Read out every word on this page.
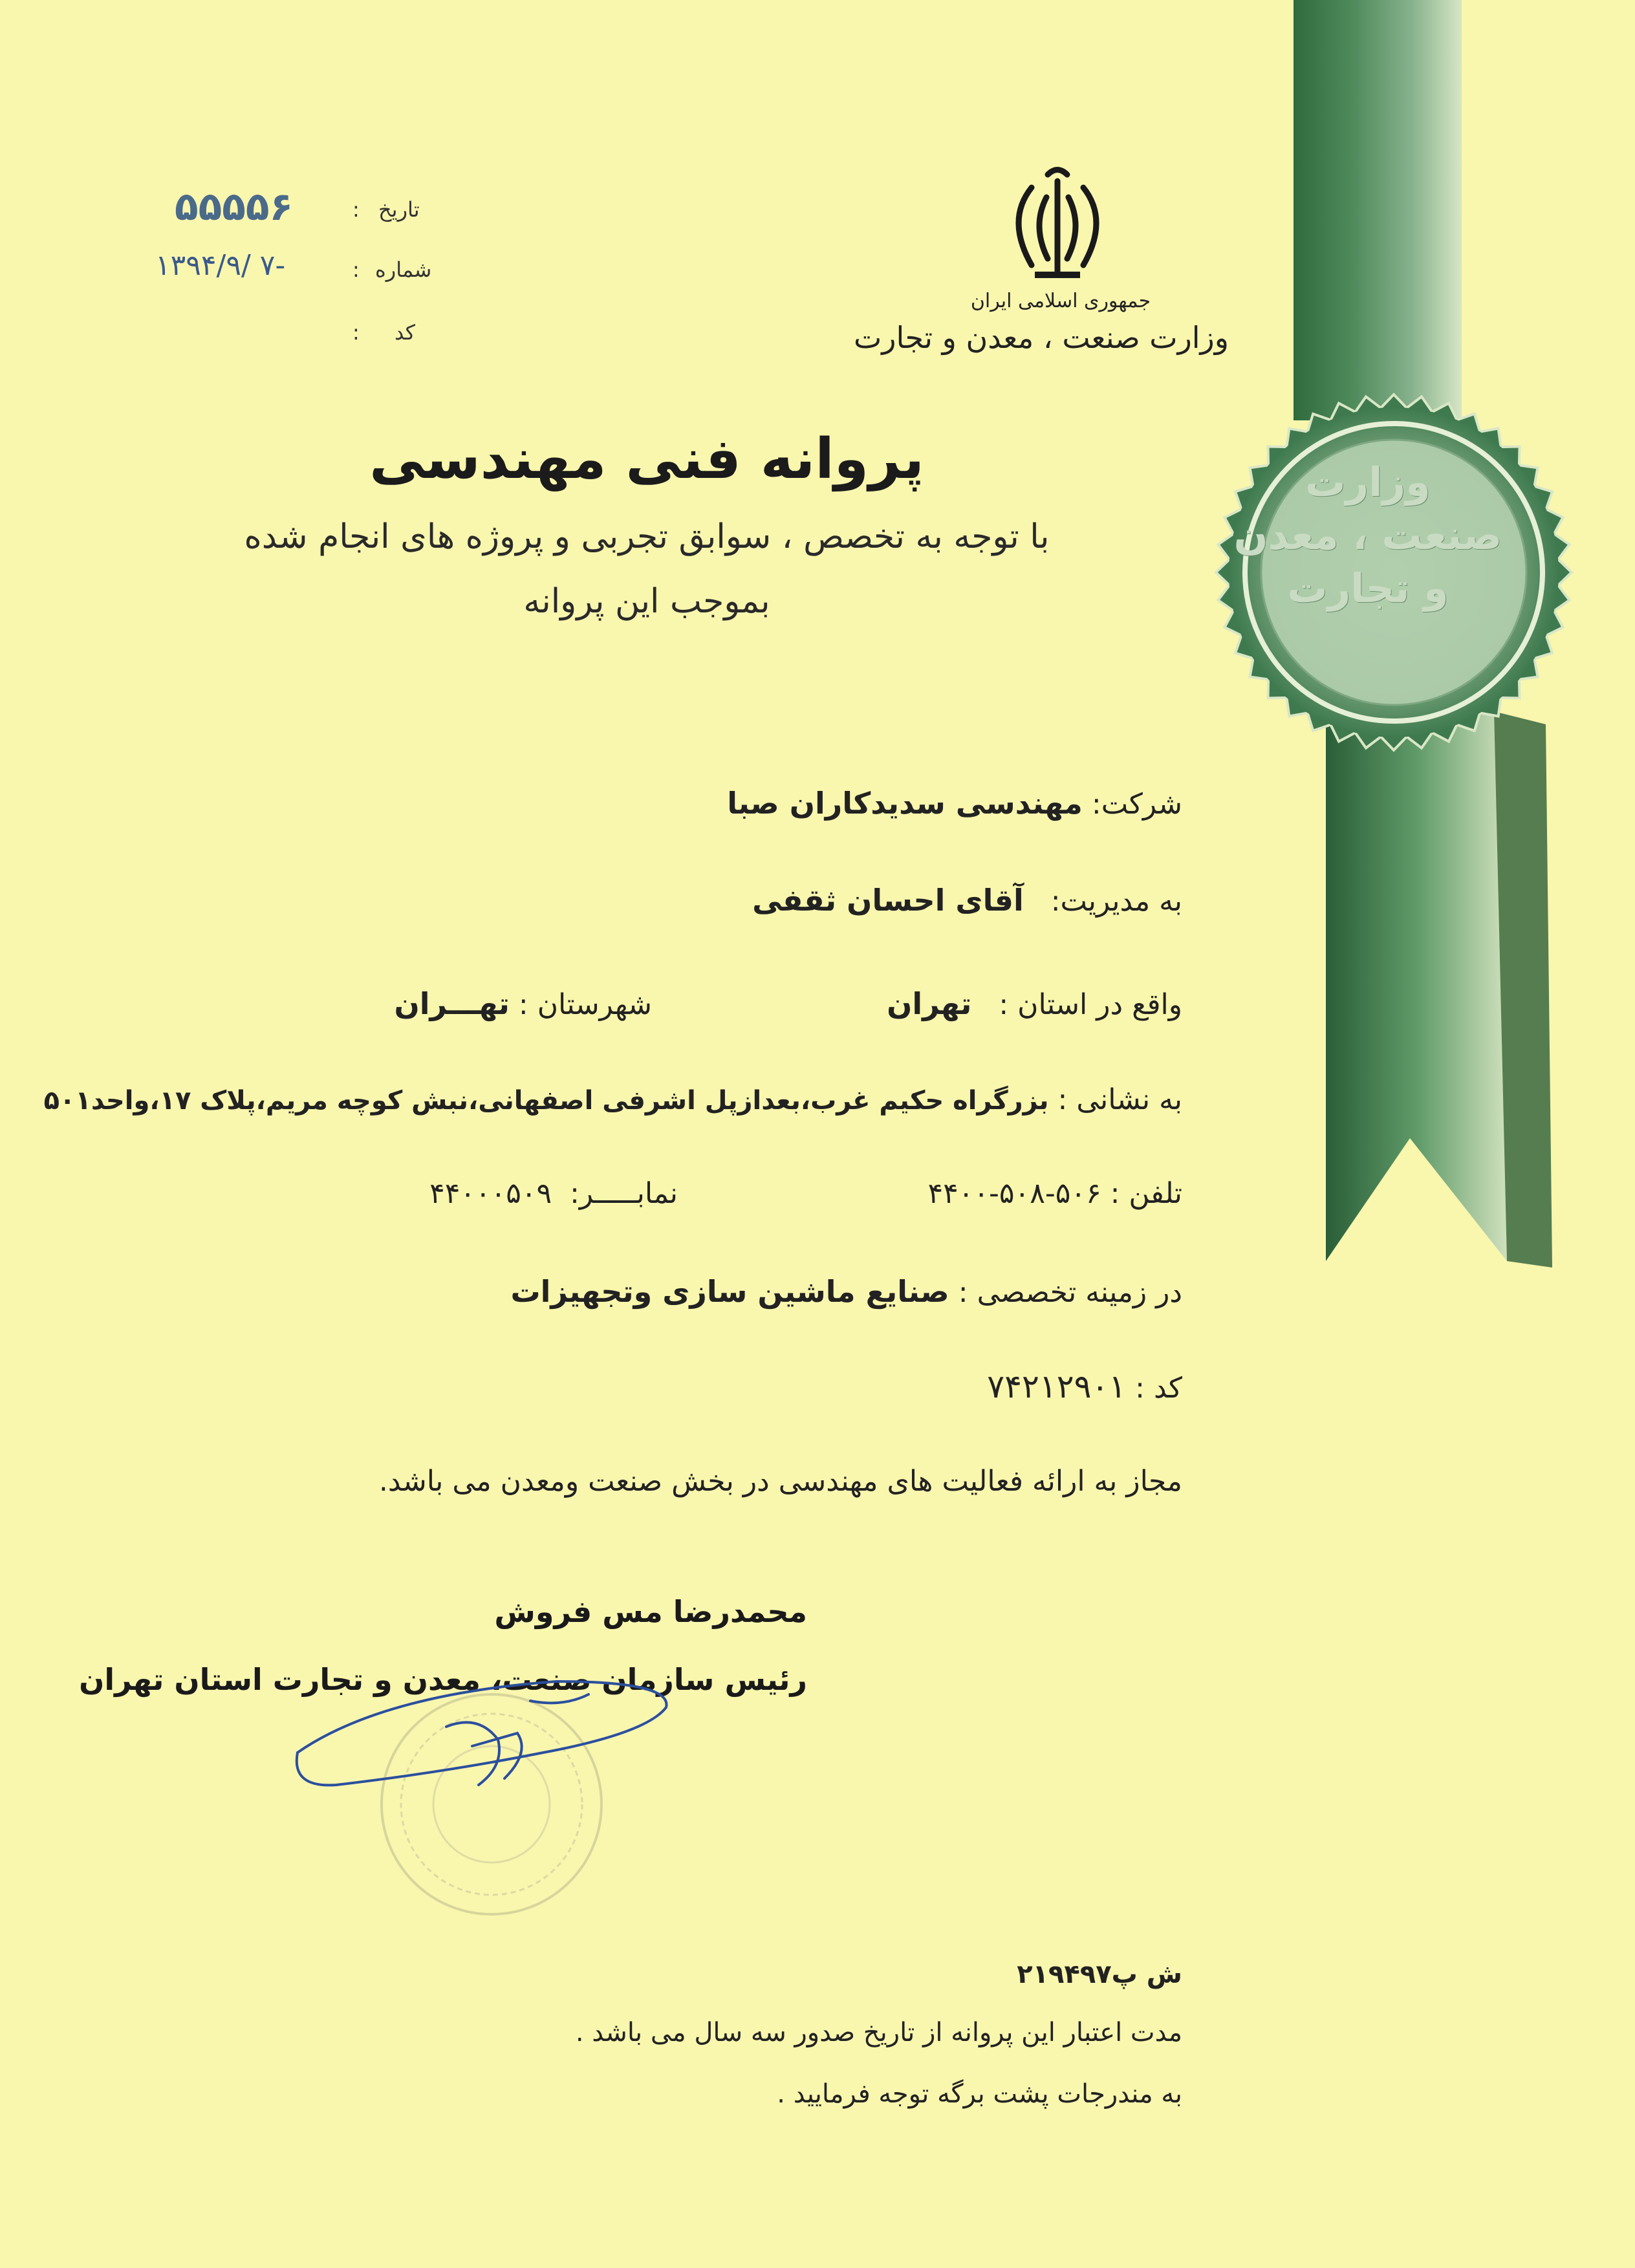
وزارت
صنعت ، معدن
و تجارت
تاریخ
:
۵۵۵۵۶
شماره
:
۱۳۹۴/۹/ ۷-
کد
:
جمهوری اسلامی ایران
وزارت صنعت ، معدن و تجارت
پروانه فنی مهندسی
با توجه به تخصص ، سوابق تجربی و پروژه های انجام شده
بموجب این پروانه
شرکت: مهندسی سدیدکاران صبا
به مدیریت:   آقای احسان ثقفی
واقع در استان :   تهران
شهرستان : تهـــران
به نشانی : بزرگراه حکیم غرب،بعدازپل اشرفی اصفهانی،نبش کوچه مریم،پلاک ۱۷،واحد۵۰۱
تلفن : ۵۰۶-۵۰۸-۴۴۰۰
نمابـــــر:  ۴۴۰۰۰۵۰۹
در زمینه تخصصی : صنایع ماشین سازی وتجهیزات
کد : ۷۴۲۱۲۹۰۱
مجاز به ارائه فعالیت های مهندسی در بخش صنعت ومعدن می باشد.
محمدرضا مس فروش
رئیس سازمان صنعت، معدن و تجارت استان تهران
ش پ۲۱۹۴۹۷
مدت اعتبار این پروانه از تاریخ صدور سه سال می باشد .
به مندرجات پشت برگه توجه فرمایید .
